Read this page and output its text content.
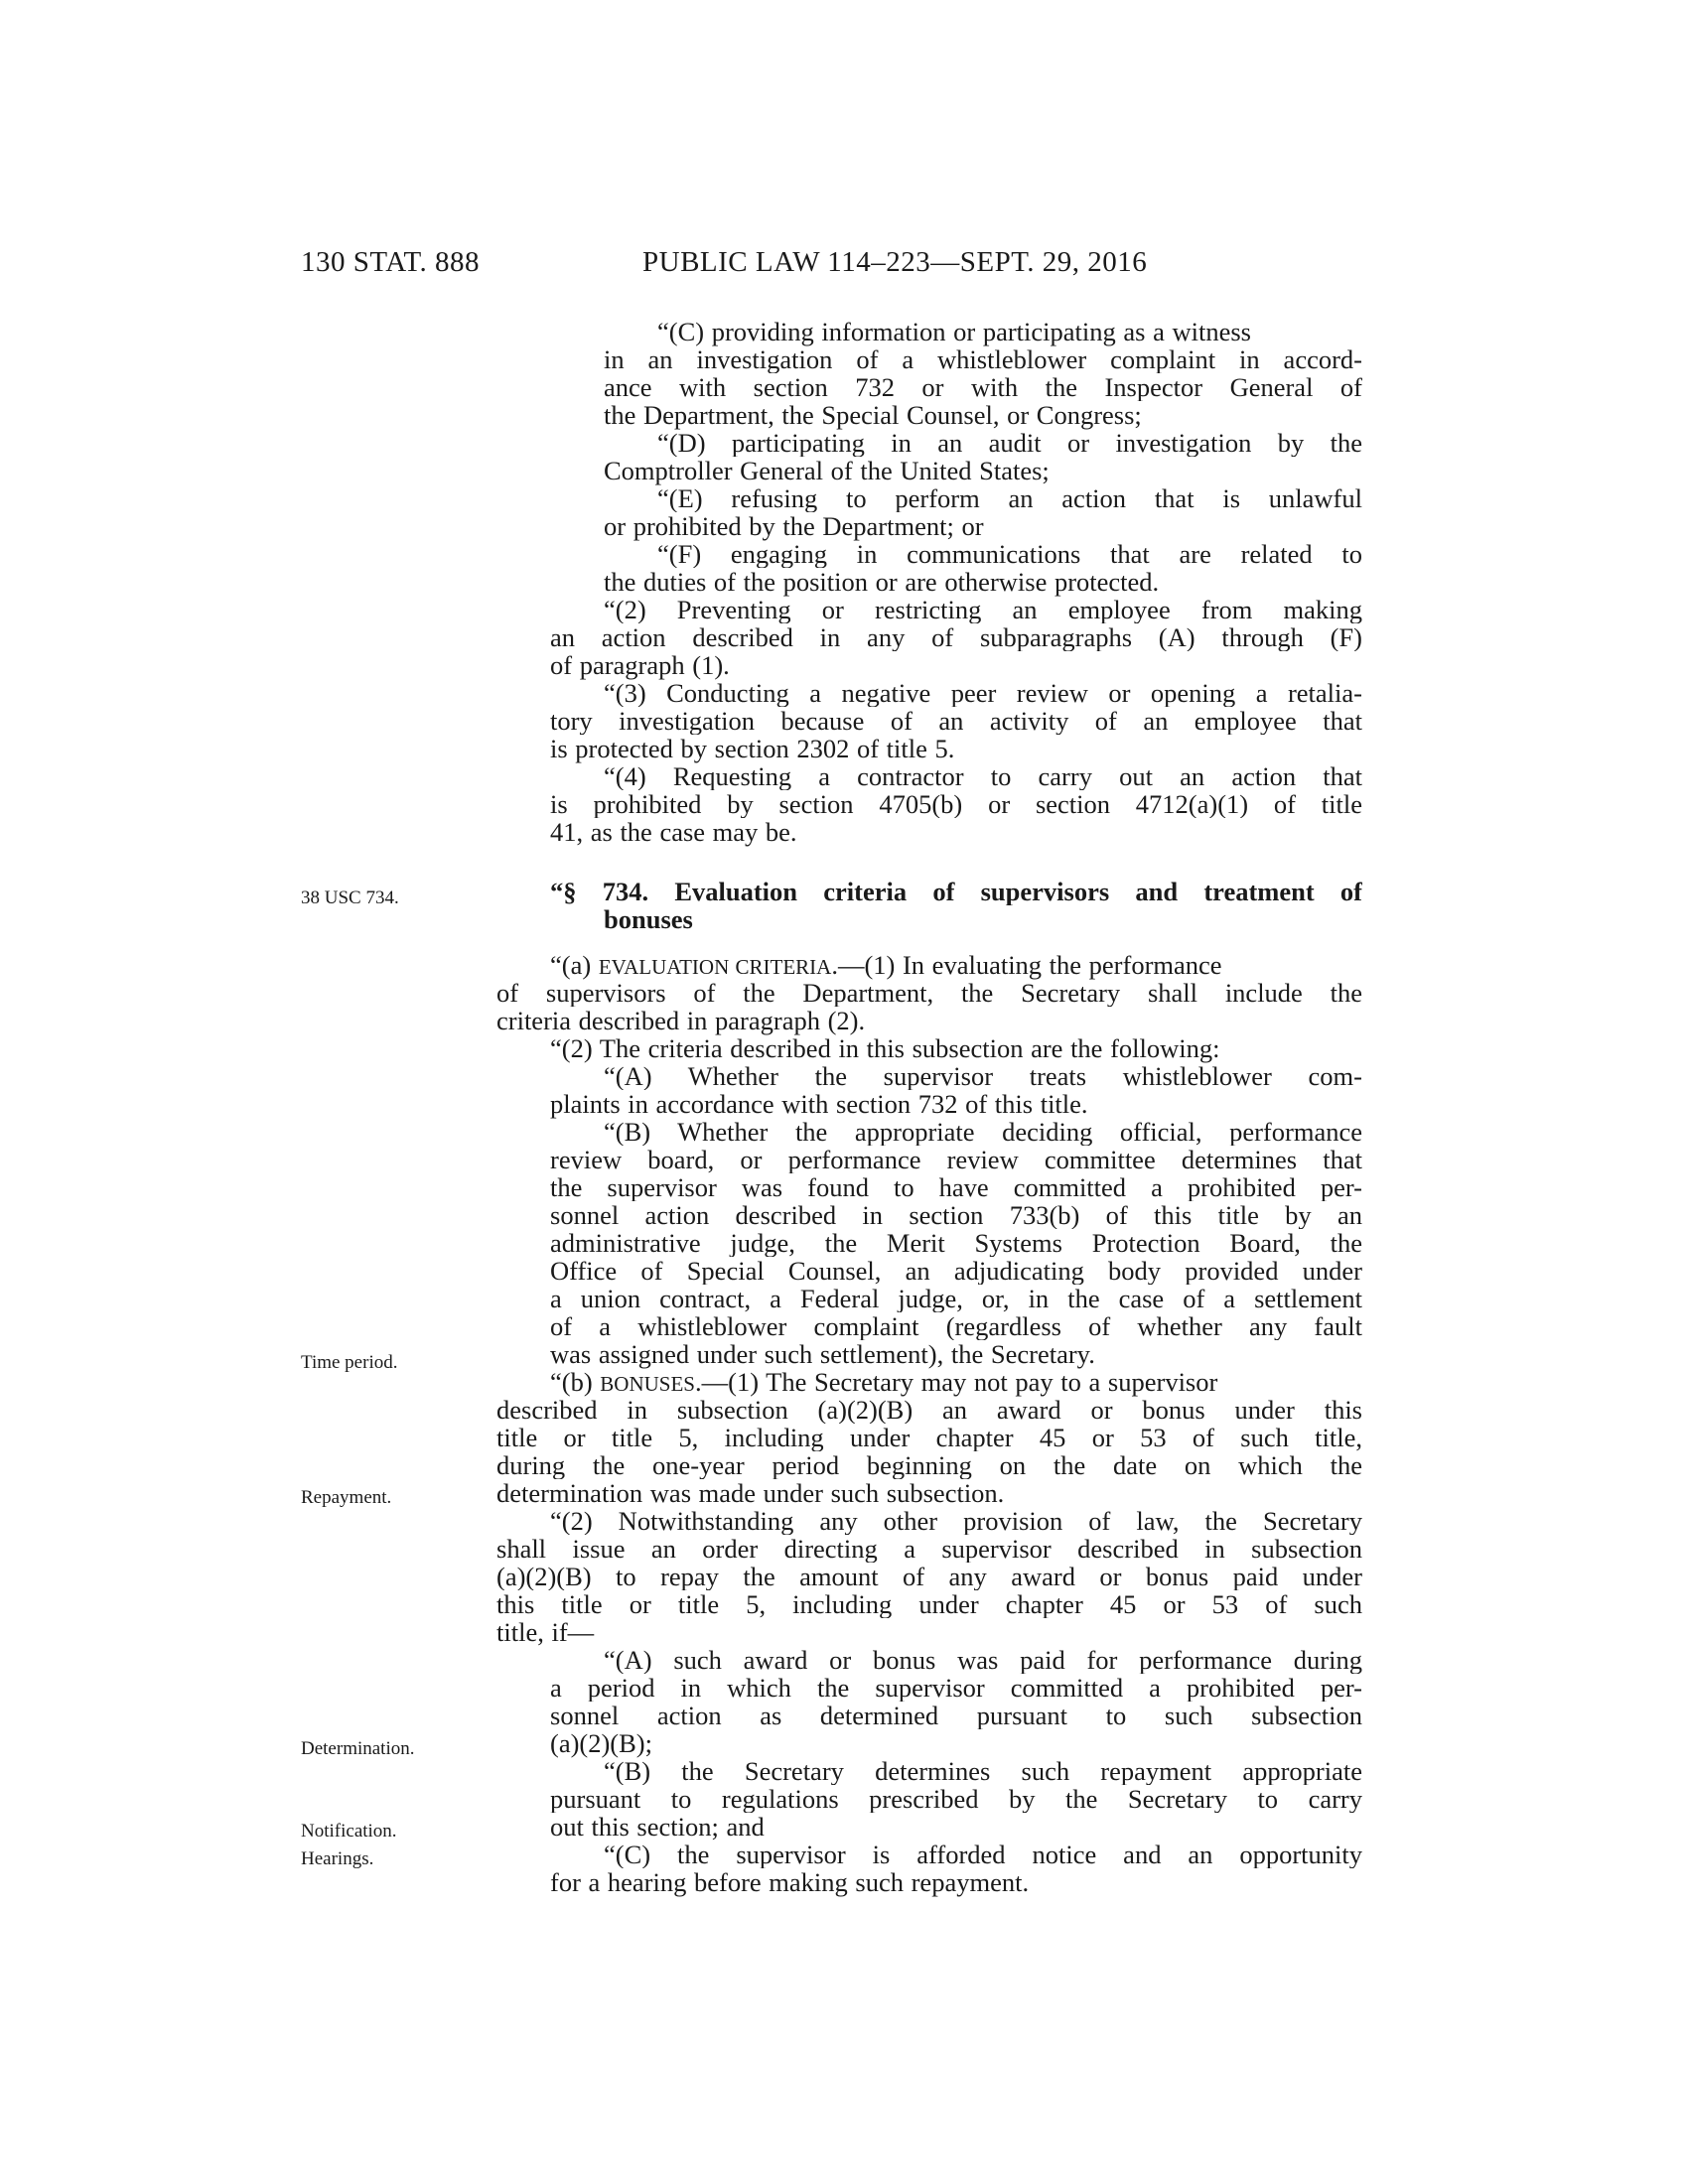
130 STAT. 888	PUBLIC LAW 114–223—SEPT. 29, 2016
38 USC 734.
Time period.
Repayment.
Determination.
Notification.
Hearings.
“(C) providing information or participating as a witness
in an investigation of a whistleblower complaint in accord-
ance with section 732 or with the Inspector General of
the Department, the Special Counsel, or Congress;
“(D) participating in an audit or investigation by the
Comptroller General of the United States;
“(E) refusing to perform an action that is unlawful
or prohibited by the Department; or
“(F) engaging in communications that are related to
the duties of the position or are otherwise protected.
“(2) Preventing or restricting an employee from making
an action described in any of subparagraphs (A) through (F)
of paragraph (1).
“(3) Conducting a negative peer review or opening a retalia-
tory investigation because of an activity of an employee that
is protected by section 2302 of title 5.
“(4) Requesting a contractor to carry out an action that
is prohibited by section 4705(b) or section 4712(a)(1) of title
41, as the case may be.
“§ 734. Evaluation criteria of supervisors and treatment of
bonuses
“(a) EVALUATION CRITERIA.—(1) In evaluating the performance
of supervisors of the Department, the Secretary shall include the
criteria described in paragraph (2).
“(2) The criteria described in this subsection are the following:
“(A) Whether the supervisor treats whistleblower com-
plaints in accordance with section 732 of this title.
“(B) Whether the appropriate deciding official, performance
review board, or performance review committee determines that
the supervisor was found to have committed a prohibited per-
sonnel action described in section 733(b) of this title by an
administrative judge, the Merit Systems Protection Board, the
Office of Special Counsel, an adjudicating body provided under
a union contract, a Federal judge, or, in the case of a settlement
of a whistleblower complaint (regardless of whether any fault
was assigned under such settlement), the Secretary.
“(b) BONUSES.—(1) The Secretary may not pay to a supervisor
described in subsection (a)(2)(B) an award or bonus under this
title or title 5, including under chapter 45 or 53 of such title,
during the one-year period beginning on the date on which the
determination was made under such subsection.
“(2) Notwithstanding any other provision of law, the Secretary
shall issue an order directing a supervisor described in subsection
(a)(2)(B) to repay the amount of any award or bonus paid under
this title or title 5, including under chapter 45 or 53 of such
title, if—
“(A) such award or bonus was paid for performance during
a period in which the supervisor committed a prohibited per-
sonnel action as determined pursuant to such subsection
(a)(2)(B);
“(B) the Secretary determines such repayment appropriate
pursuant to regulations prescribed by the Secretary to carry
out this section; and
“(C) the supervisor is afforded notice and an opportunity
for a hearing before making such repayment.
